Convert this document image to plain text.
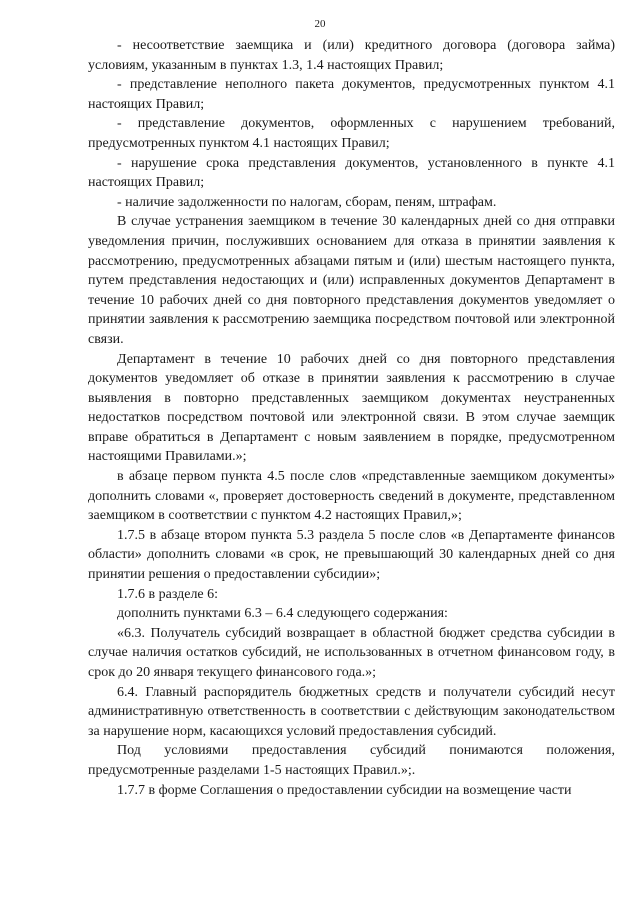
20

- несоответствие заемщика и (или) кредитного договора (договора займа) условиям, указанным в пунктах 1.3, 1.4 настоящих Правил;

- представление неполного пакета документов, предусмотренных пунктом 4.1 настоящих Правил;

- представление документов, оформленных с нарушением требований, предусмотренных пунктом 4.1 настоящих Правил;

- нарушение срока представления документов, установленного в пункте 4.1 настоящих Правил;

- наличие задолженности по налогам, сборам, пеням, штрафам.

В случае устранения заемщиком в течение 30 календарных дней со дня отправки уведомления причин, послуживших основанием для отказа в принятии заявления к рассмотрению, предусмотренных абзацами пятым и (или) шестым настоящего пункта, путем представления недостающих и (или) исправленных документов Департамент в течение 10 рабочих дней со дня повторного представления документов уведомляет о принятии заявления к рассмотрению заемщика посредством почтовой или электронной связи.

Департамент в течение 10 рабочих дней со дня повторного представления документов уведомляет об отказе в принятии заявления к рассмотрению в случае выявления в повторно представленных заемщиком документах неустраненных недостатков посредством почтовой или электронной связи. В этом случае заемщик вправе обратиться в Департамент с новым заявлением в порядке, предусмотренном настоящими Правилами.»;

в абзаце первом пункта 4.5 после слов «представленные заемщиком документы» дополнить словами «, проверяет достоверность сведений в документе, представленном заемщиком в соответствии с пунктом 4.2 настоящих Правил,»;

1.7.5 в абзаце втором пункта 5.3 раздела 5 после слов «в Департаменте финансов области» дополнить словами «в срок, не превышающий 30 календарных дней со дня принятии решения о предоставлении субсидии»;

1.7.6 в разделе 6:

дополнить пунктами 6.3 – 6.4 следующего содержания:

«6.3. Получатель субсидий возвращает в областной бюджет средства субсидии в случае наличия остатков субсидий, не использованных в отчетном финансовом году, в срок до 20 января текущего финансового года.»;

6.4. Главный распорядитель бюджетных средств и получатели субсидий несут административную ответственность в соответствии с действующим законодательством за нарушение норм, касающихся условий предоставления субсидий.

Под условиями предоставления субсидий понимаются положения, предусмотренные разделами 1-5 настоящих Правил.»;.

1.7.7 в форме Соглашения о предоставлении субсидии на возмещение части
